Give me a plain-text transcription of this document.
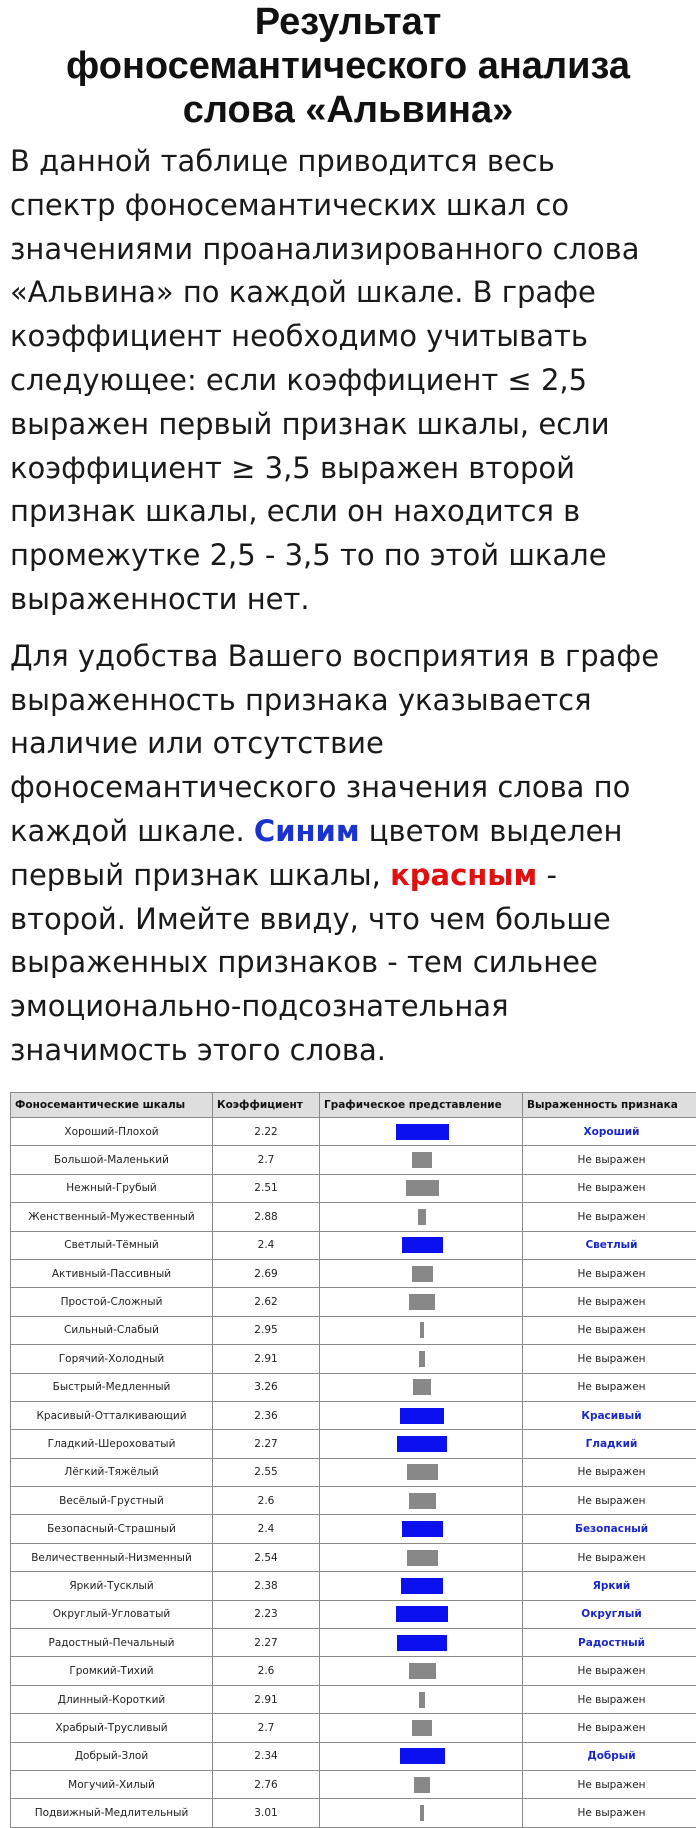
Результат
фоносемантического анализа
слова «Альвина»

В данной таблице приводится весь
спектр фоносемантических шкал со
значениями проанализированного слова
«Альвина» по каждой шкале. В графе
коэффициент необходимо учитывать
следующее: если коэффициент ≤ 2,5
выражен первый признак шкалы, если
коэффициент ≥ 3,5 выражен второй
признак шкалы, если он находится в
промежутке 2,5 - 3,5 то по этой шкале
выраженности нет.

Для удобства Вашего восприятия в графе
выраженность признака указывается
наличие или отсутствие
фоносемантического значения слова по
каждой шкале. Синим цветом выделен
первый признак шкалы, красным -
второй. Имейте ввиду, что чем больше
выраженных признаков - тем сильнее
эмоционально-подсознательная
значимость этого слова.

Фоносемантические шкалы	Коэффициент	Графическое представление	Выраженность признака
Хороший-Плохой	2.22		Хороший
Большой-Маленький	2.7		Не выражен
Нежный-Грубый	2.51		Не выражен
Женственный-Мужественный	2.88		Не выражен
Светлый-Тёмный	2.4		Светлый
Активный-Пассивный	2.69		Не выражен
Простой-Сложный	2.62		Не выражен
Сильный-Слабый	2.95		Не выражен
Горячий-Холодный	2.91		Не выражен
Быстрый-Медленный	3.26		Не выражен
Красивый-Отталкивающий	2.36		Красивый
Гладкий-Шероховатый	2.27		Гладкий
Лёгкий-Тяжёлый	2.55		Не выражен
Весёлый-Грустный	2.6		Не выражен
Безопасный-Страшный	2.4		Безопасный
Величественный-Низменный	2.54		Не выражен
Яркий-Тусклый	2.38		Яркий
Округлый-Угловатый	2.23		Округлый
Радостный-Печальный	2.27		Радостный
Громкий-Тихий	2.6		Не выражен
Длинный-Короткий	2.91		Не выражен
Храбрый-Трусливый	2.7		Не выражен
Добрый-Злой	2.34		Добрый
Могучий-Хилый	2.76		Не выражен
Подвижный-Медлительный	3.01		Не выражен
